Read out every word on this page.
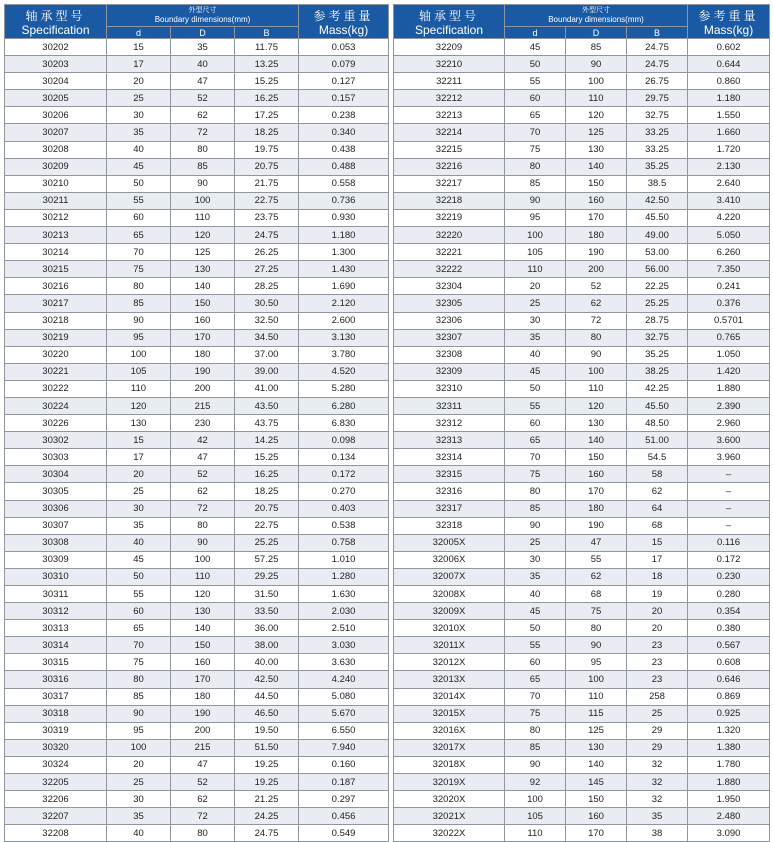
轴承型号
Specification	外型尺寸
Boundary dimensions(mm)			参考重量
Mass(kg)

	d	D	B	
30202	15	35	11.75	0.053
30203	17	40	13.25	0.079
30204	20	47	15.25	0.127
30205	25	52	16.25	0.157
30206	30	62	17.25	0.238
30207	35	72	18.25	0.340
30208	40	80	19.75	0.438
30209	45	85	20.75	0.488
30210	50	90	21.75	0.558
30211	55	100	22.75	0.736
30212	60	110	23.75	0.930
30213	65	120	24.75	1.180
30214	70	125	26.25	1.300
30215	75	130	27.25	1.430
30216	80	140	28.25	1.690
30217	85	150	30.50	2.120
30218	90	160	32.50	2.600
30219	95	170	34.50	3.130
30220	100	180	37.00	3.780
30221	105	190	39.00	4.520
30222	110	200	41.00	5.280
30224	120	215	43.50	6.280
30226	130	230	43.75	6.830
30302	15	42	14.25	0.098
30303	17	47	15.25	0.134
30304	20	52	16.25	0.172
30305	25	62	18.25	0.270
30306	30	72	20.75	0.403
30307	35	80	22.75	0.538
30308	40	90	25.25	0.758
30309	45	100	57.25	1.010
30310	50	110	29.25	1.280
30311	55	120	31.50	1.630
30312	60	130	33.50	2.030
30313	65	140	36.00	2.510
30314	70	150	38.00	3.030
30315	75	160	40.00	3.630
30316	80	170	42.50	4.240
30317	85	180	44.50	5.080
30318	90	190	46.50	5.670
30319	95	200	19.50	6.550
30320	100	215	51.50	7.940
30324	20	47	19.25	0.160
32205	25	52	19.25	0.187
32206	30	62	21.25	0.297
32207	35	72	24.25	0.456
32208	40	80	24.75	0.549
轴承型号
Specification	外型尺寸
Boundary dimensions(mm)			参考重量
Mass(kg)

	d	D	B	
32209	45	85	24.75	0.602
32210	50	90	24.75	0.644
32211	55	100	26.75	0.860
32212	60	110	29.75	1.180
32213	65	120	32.75	1.550
32214	70	125	33.25	1.660
32215	75	130	33.25	1.720
32216	80	140	35.25	2.130
32217	85	150	38.5	2.640
32218	90	160	42.50	3.410
32219	95	170	45.50	4.220
32220	100	180	49.00	5.050
32221	105	190	53.00	6.260
32222	110	200	56.00	7.350
32304	20	52	22.25	0.241
32305	25	62	25.25	0.376
32306	30	72	28.75	0.5701
32307	35	80	32.75	0.765
32308	40	90	35.25	1.050
32309	45	100	38.25	1.420
32310	50	110	42.25	1.880
32311	55	120	45.50	2.390
32312	60	130	48.50	2.960
32313	65	140	51.00	3.600
32314	70	150	54.5	3.960
32315	75	160	58	–
32316	80	170	62	–
32317	85	180	64	–
32318	90	190	68	–
32005X	25	47	15	0.116
32006X	30	55	17	0.172
32007X	35	62	18	0.230
32008X	40	68	19	0.280
32009X	45	75	20	0.354
32010X	50	80	20	0.380
32011X	55	90	23	0.567
32012X	60	95	23	0.608
32013X	65	100	23	0.646
32014X	70	110	258	0.869
32015X	75	115	25	0.925
32016X	80	125	29	1.320
32017X	85	130	29	1.380
32018X	90	140	32	1.780
32019X	92	145	32	1.880
32020X	100	150	32	1.950
32021X	105	160	35	2.480
32022X	110	170	38	3.090
